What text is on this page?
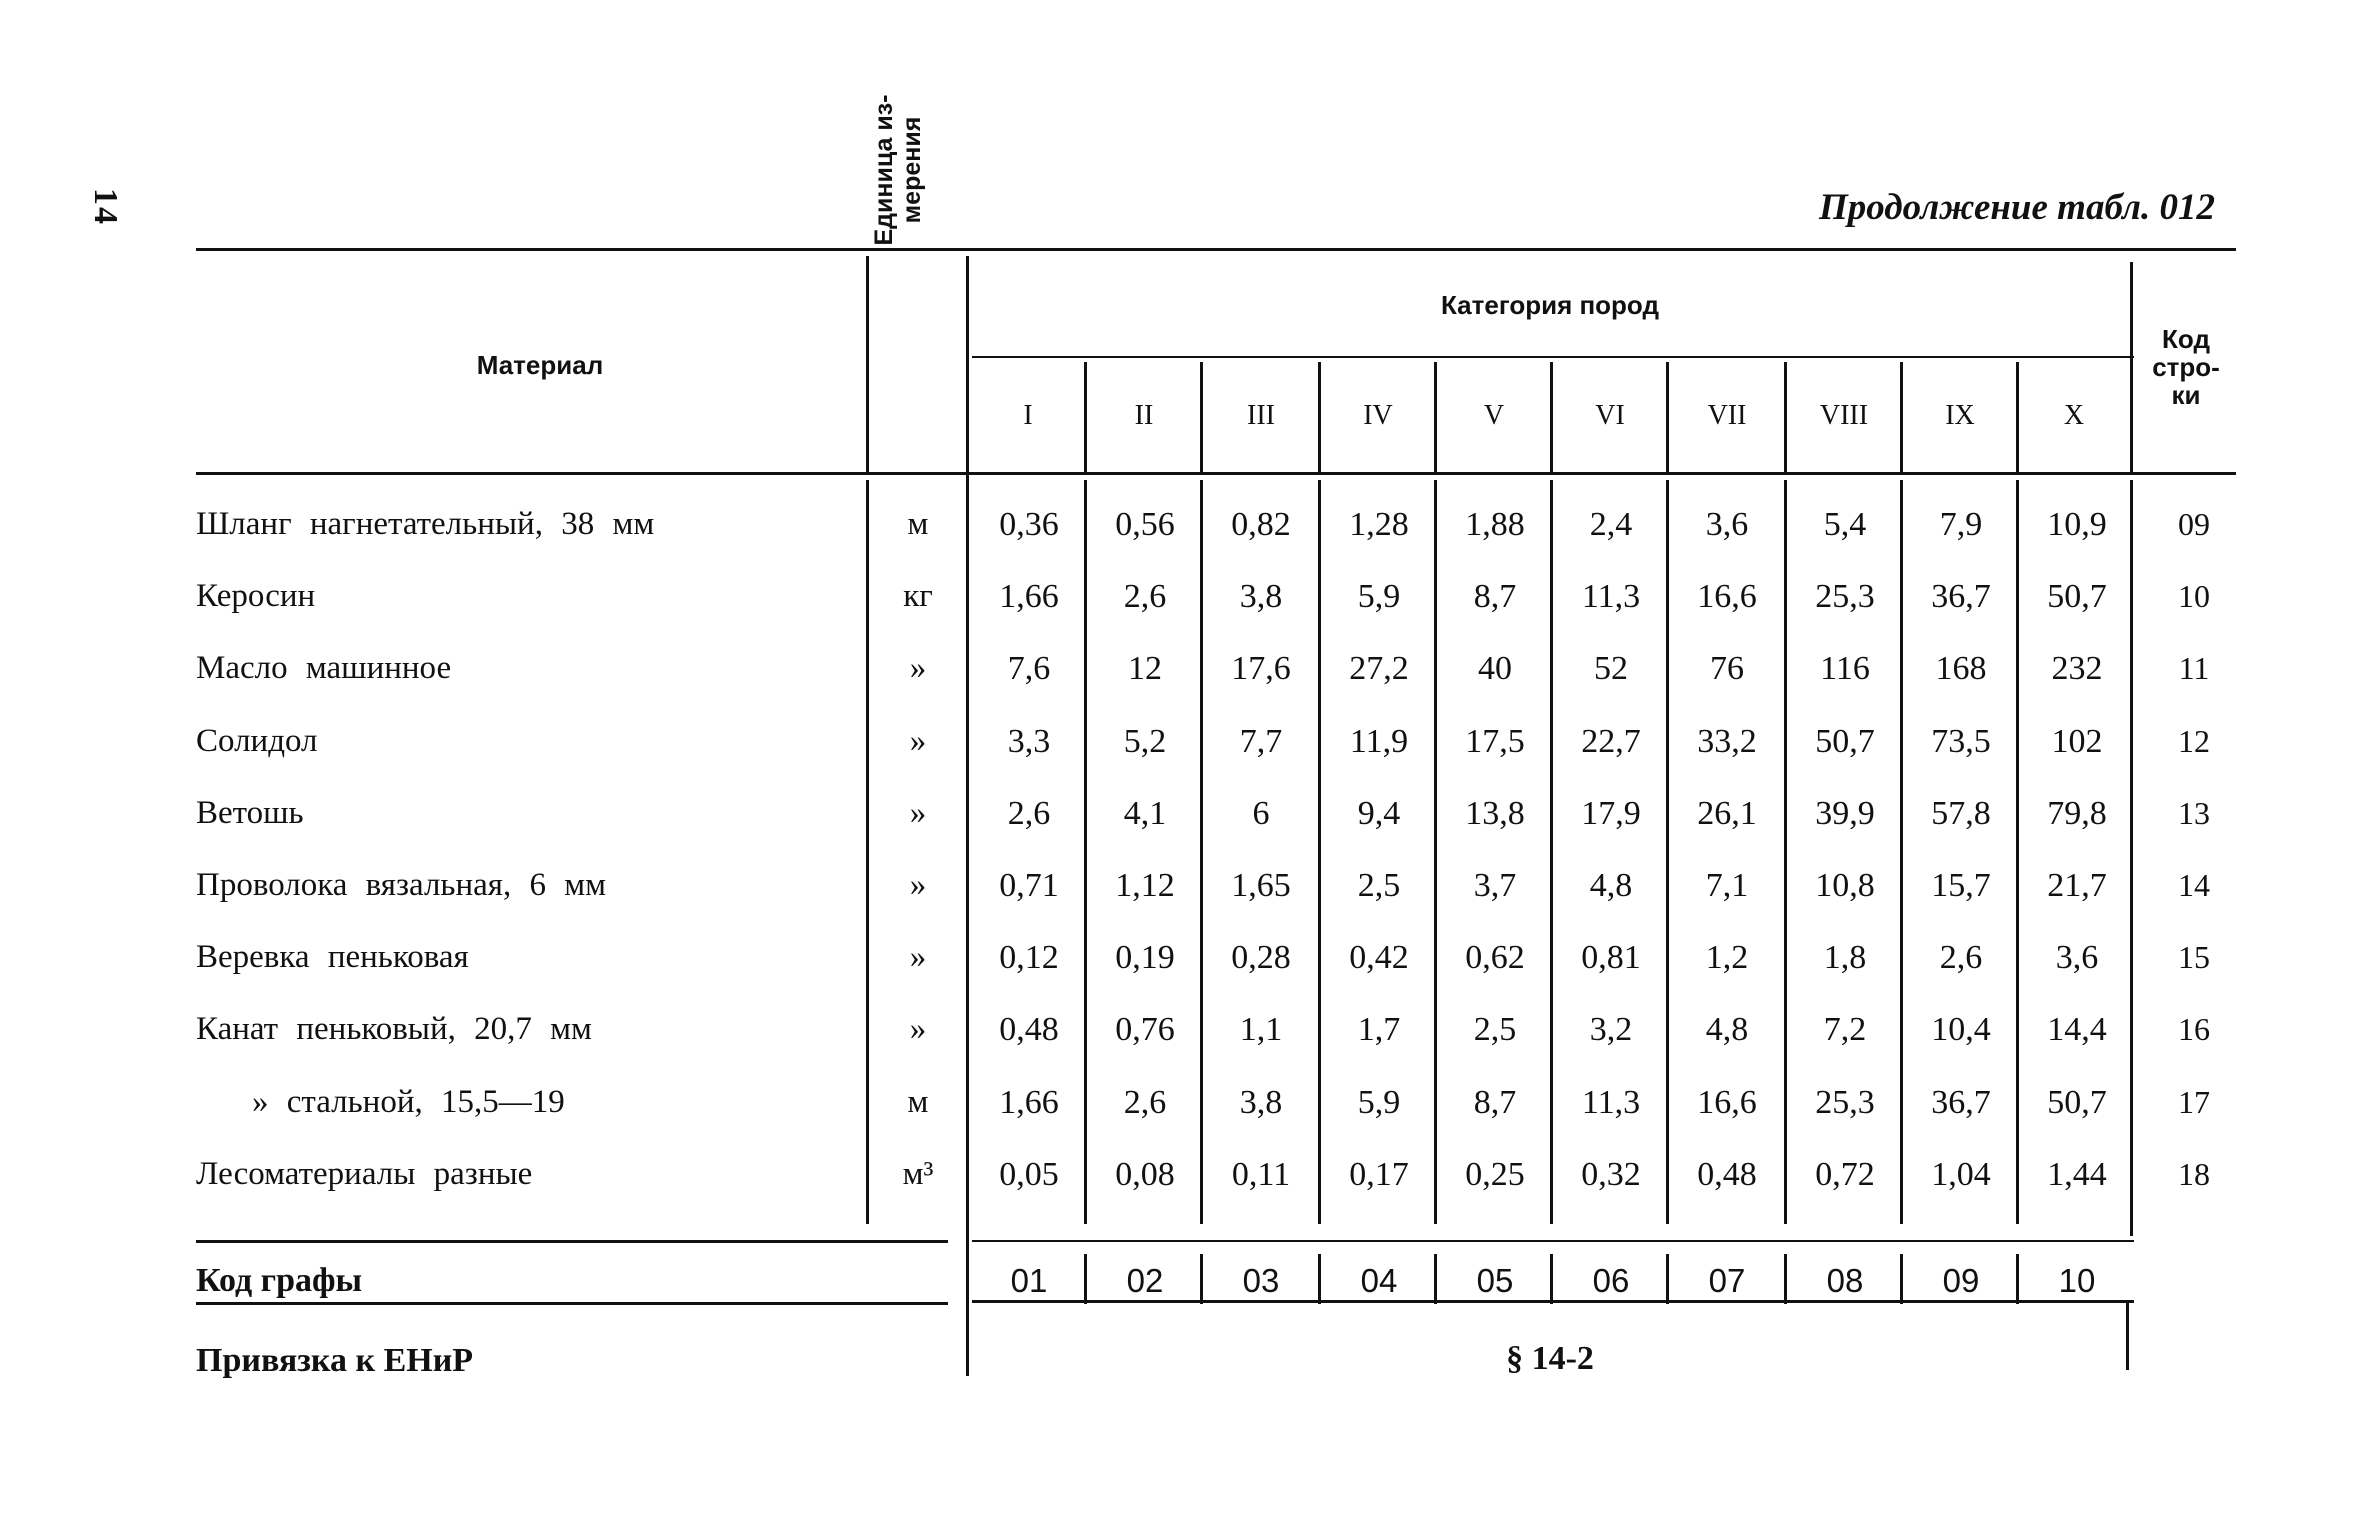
14	Продолжение табл. 012
Материал
Единица из- мерения
Категория пород
Код
стро-
ки
I	II	III	IV	V	VI	VII	VIII	IX	X
Шланг нагнетательный, 38 мм	м	0,36	0,56	0,82	1,28	1,88	2,4	3,6	5,4	7,9	10,9	09
Керосин	кг	1,66	2,6	3,8	5,9	8,7	11,3	16,6	25,3	36,7	50,7	10
Масло машинное	»	7,6	12	17,6	27,2	40	52	76	116	168	232	11
Солидол	»	3,3	5,2	7,7	11,9	17,5	22,7	33,2	50,7	73,5	102	12
Ветошь	»	2,6	4,1	6	9,4	13,8	17,9	26,1	39,9	57,8	79,8	13
Проволока вязальная, 6 мм	»	0,71	1,12	1,65	2,5	3,7	4,8	7,1	10,8	15,7	21,7	14
Веревка пеньковая	»	0,12	0,19	0,28	0,42	0,62	0,81	1,2	1,8	2,6	3,6	15
Канат пеньковый, 20,7 мм	»	0,48	0,76	1,1	1,7	2,5	3,2	4,8	7,2	10,4	14,4	16
» стальной, 15,5—19	м	1,66	2,6	3,8	5,9	8,7	11,3	16,6	25,3	36,7	50,7	17
Лесоматериалы разные	м³	0,05	0,08	0,11	0,17	0,25	0,32	0,48	0,72	1,04	1,44	18
Код графы	01	02	03	04	05	06	07	08	09	10
Привязка к ЕНиР	§ 14-2
